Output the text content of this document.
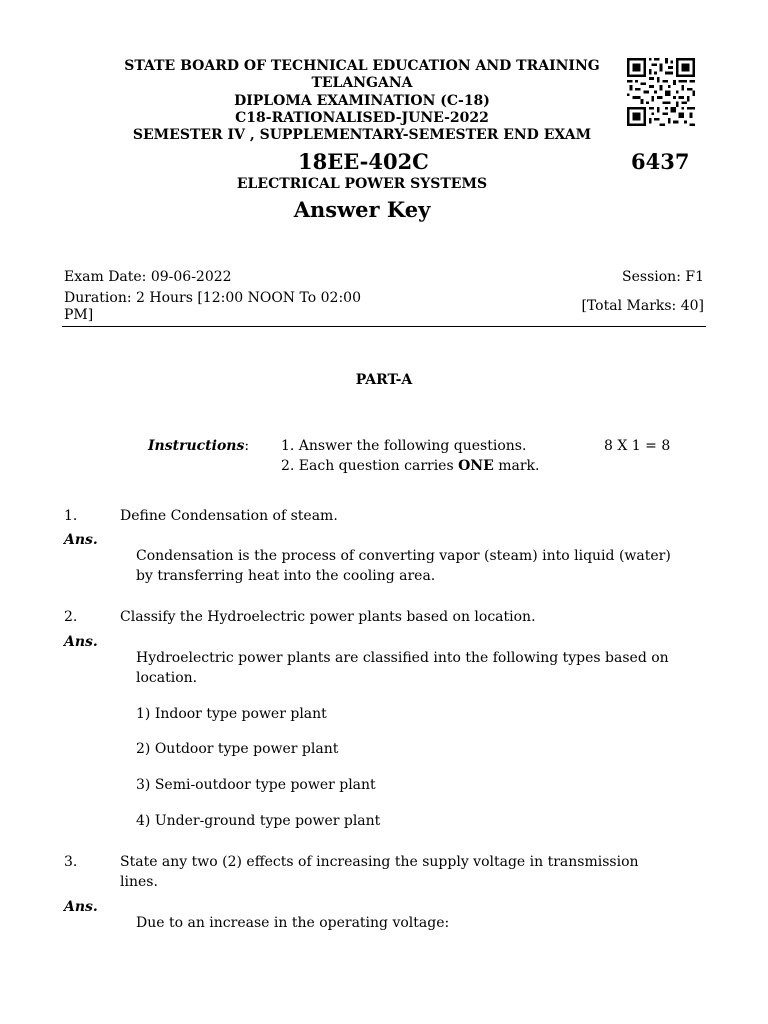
STATE BOARD OF TECHNICAL EDUCATION AND TRAINING
TELANGANA
DIPLOMA EXAMINATION (C-18)
C18-RATIONALISED-JUNE-2022
SEMESTER IV , SUPPLEMENTARY-SEMESTER END EXAM
18EE-402C	6437
ELECTRICAL POWER SYSTEMS
Answer Key
Exam Date: 09-06-2022	Session: F1
Duration: 2 Hours [12:00 NOON To 02:00
PM]
[Total Marks: 40]
PART-A
Instructions: 1. Answer the following questions.
2. Each question carries ONE mark.
8 X 1 = 8
1.	Define Condensation of steam.
Ans.
Condensation is the process of converting vapor (steam) into liquid (water)
by transferring heat into the cooling area.
2.	Classify the Hydroelectric power plants based on location.
Ans.
Hydroelectric power plants are classified into the following types based on
location.
1) Indoor type power plant
2) Outdoor type power plant
3) Semi-outdoor type power plant
4) Under-ground type power plant
3.	State any two (2) effects of increasing the supply voltage in transmission
lines.
Ans.
Due to an increase in the operating voltage:
